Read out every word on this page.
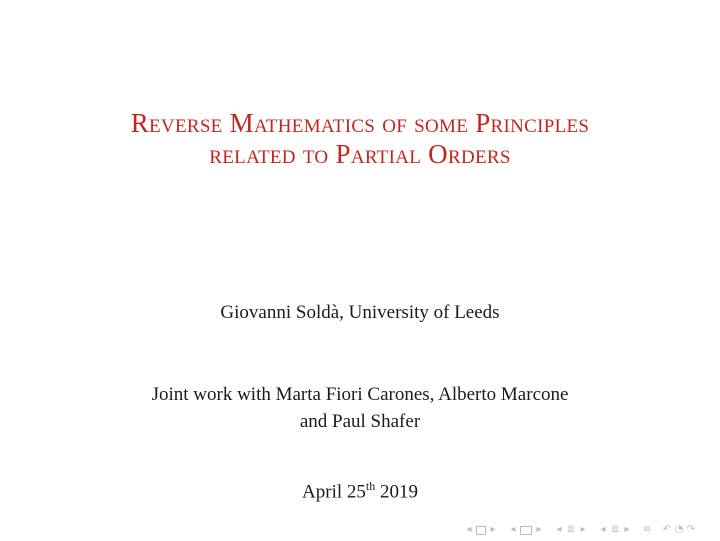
Reverse Mathematics of some Principles
related to Partial Orders
Giovanni Soldà, University of Leeds
Joint work with Marta Fiori Carones, Alberto Marcone
and Paul Shafer
April 25th 2019
◂ ▸ ◂ ▸ ◂ ≣ ▸ ◂ ≣ ▸ ≡ ↶ ◔ ↷
